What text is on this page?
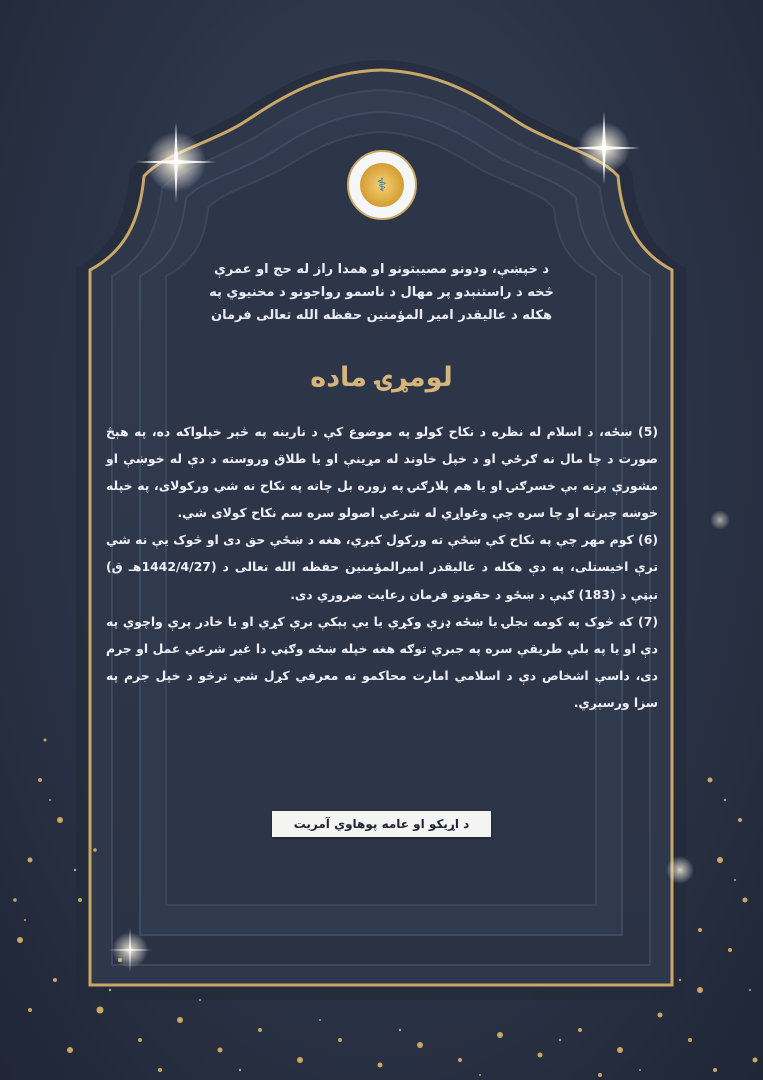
⚕
د خپښې، ودونو مصيبتونو او همدا راز له حج او عمرې
څخه د راستنېدو پر مهال د ناسمو رواجونو د مخنيوي په
هکله د عاليقدر امير المؤمنين حفظه الله تعالى فرمان
لومړۍ ماده

(5) ښځه، د اسلام له نظره د نکاح کولو په موضوع کې د نارينه په څېر خپلواکه ده، په هېڅ صورت د چا مال نه ګرځي او د خپل خاوند له مړينې او يا طلاق وروسته د دې له خوښې او مشورې پرته بې خسرګنۍ او يا هم پلارګنۍ په زوره بل چاته په نکاح نه شي ورکولای، په خپله خوښه چېرته او چا سره چې وغواړي له شرعي اصولو سره سم نکاح کولای شي.

(6) کوم مهر چې په نکاح کې ښځې ته ورکول کېږي، هغه د ښځې حق دی او څوک يې نه شي ترې اخيستلی، په دې هکله د عاليقدر اميرالمؤمنين حفظه الله تعالى د (1442/4/27هـ ق) نېټې د (183) ګڼې د ښځو د حقونو فرمان رعايت ضروري دی.

(7) که څوک په کومه نجلۍ يا ښځه ډزې وکړي يا يې پېکې برې کړي او يا خادر پرې واچوي په دې او يا په بلې طريقې سره په جبري توګه هغه خپله ښځه وګڼي دا غير شرعي عمل او جرم دی، داسې اشخاص دې د اسلامي امارت محاکمو ته معرفي کړل شي ترڅو د خپل جرم په سزا ورسېږي.

د اړيکو او عامه پوهاوي آمريت
